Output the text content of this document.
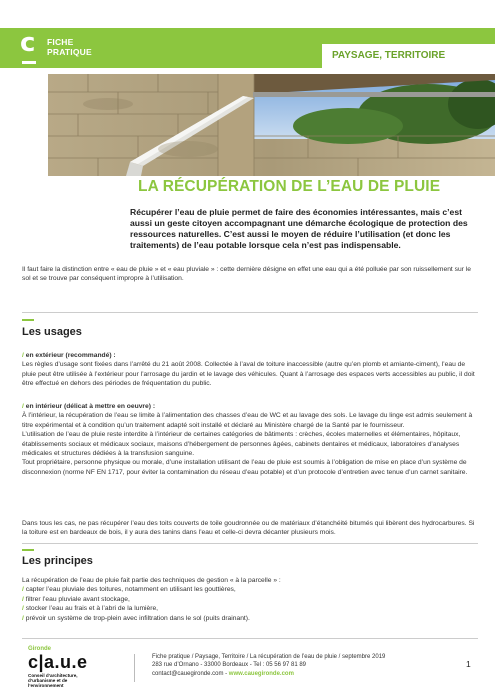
c FICHE
PRATIQUE	PAYSAGE, TERRITOIRE
LA RÉCUPÉRATION DE L’EAU DE PLUIE
Récupérer l’eau de pluie permet de faire des économies intéressantes, mais c’est aussi un geste citoyen accompagnant une démarche écologique de protection des ressources naturelles. C’est aussi le moyen de réduire l’utilisation (et donc les traitements) de l’eau potable lorsque cela n’est pas indispensable.
Il faut faire la distinction entre « eau de pluie » et « eau pluviale » : cette dernière désigne en effet une eau qui a été polluée par son ruissellement sur le sol et se trouve par conséquent impropre à l’utilisation.
Les usages

/ en extérieur (recommandé) :

Les règles d’usage sont fixées dans l’arrêté du 21 août 2008. Collectée à l’aval de toiture inaccessible (autre qu’en plomb et amiante-ciment), l’eau de pluie peut être utilisée à l’extérieur pour l’arrosage du jardin et le lavage des véhicules. Quant à l’arrosage des espaces verts accessibles au public, il doit être effectué en dehors des périodes de fréquentation du public.

/ en intérieur (délicat à mettre en oeuvre) :

À l’intérieur, la récupération de l’eau se limite à l’alimentation des chasses d’eau de WC et au lavage des sols. Le lavage du linge est admis seulement à titre expérimental et à condition qu’un traitement adapté soit installé et déclaré au Ministère chargé de la Santé par le fournisseur.

L’utilisation de l’eau de pluie reste interdite à l’intérieur de certaines catégories de bâtiments : crèches, écoles maternelles et élémentaires, hôpitaux, établissements sociaux et médicaux sociaux, maisons d’hébergement de personnes âgées, cabinets dentaires et médicaux, laboratoires d’analyses médicales et structures dédiées à la transfusion sanguine.

Tout propriétaire, personne physique ou morale, d’une installation utilisant de l’eau de pluie est soumis à l’obligation de mise en place d’un système de disconnexion (norme NF EN 1717, pour éviter la contamination du réseau d’eau potable) et d’un protocole d’entretien avec tenue d’un carnet sanitaire.

Dans tous les cas, ne pas récupérer l’eau des toits couverts de toile goudronnée ou de matériaux d’étanchéité bitumés qui libèrent des hydrocarbures. Si la toiture est en bardeaux de bois, il y aura des tanins dans l’eau et celle-ci devra décanter plusieurs mois.
Les principes

La récupération de l’eau de pluie fait partie des techniques de gestion « à la parcelle » :

/ capter l’eau pluviale des toitures, notamment en utilisant les gouttières,

/ filtrer l’eau pluviale avant stockage,

/ stocker l’eau au frais et à l’abri de la lumière,

/ prévoir un système de trop-plein avec infiltration dans le sol (puits drainant).

Gironde
c|a.u.e
Conseil d’architecture, d’urbanisme et de l’environnement
Fiche pratique / Paysage, Territoire / La récupération de l’eau de pluie / septembre 2019
283 rue d’Ornano - 33000 Bordeaux - Tel : 05 56 97 81 89
contact@cauegironde.com - www.cauegironde.com
1
